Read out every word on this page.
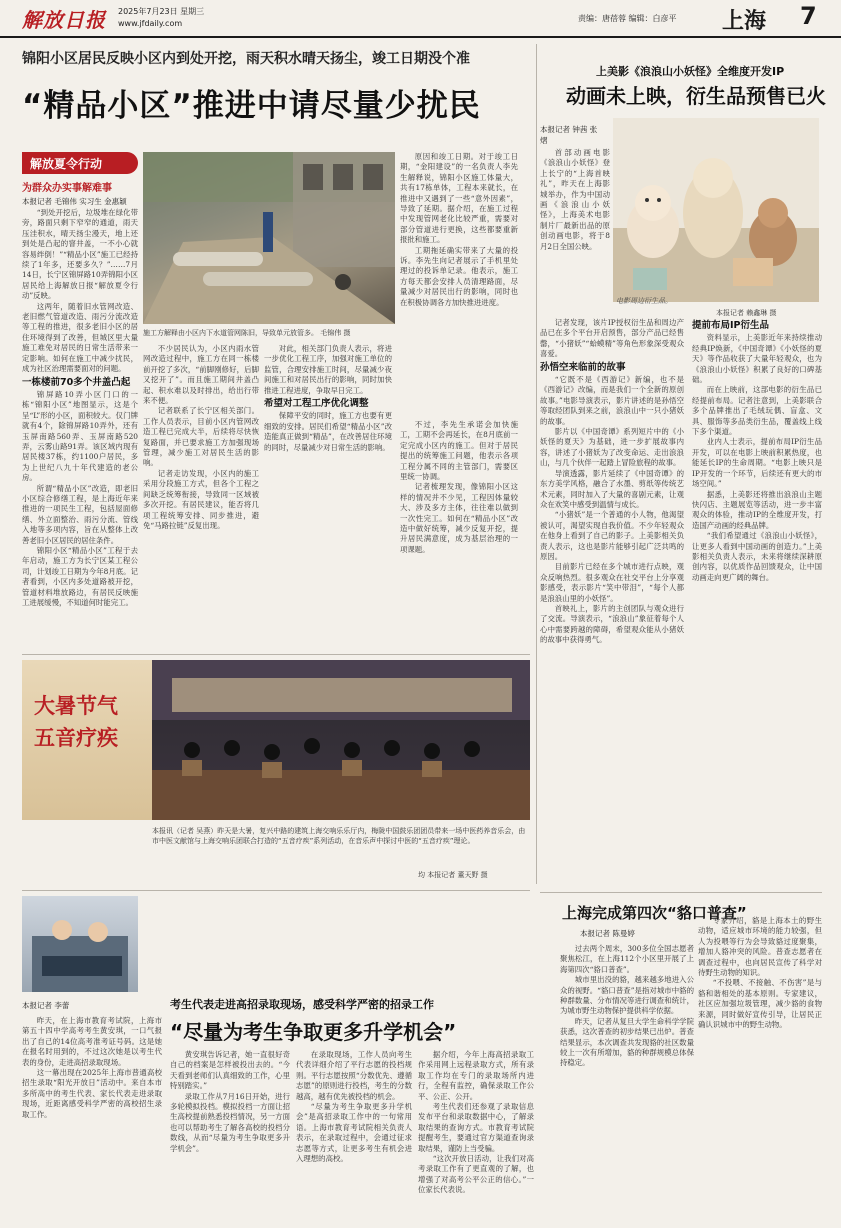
解放日报 2025年7月23日 星期三
www.jfdaily.com
责编：唐蓓蓉 编辑：白彦平 上海 7
锦阳小区居民反映小区内到处开挖，雨天积水晴天扬尘，竣工日期没个准
“精品小区”推进中请尽量少扰民
解放夏令行动
为群众办实事解难事
本报记者 毛锦伟 实习生 金惠颖

“到处开挖后，垃圾堆在绿化带旁，路面只剩下窄窄的通道，雨天压洼积水，晴天扬尘漫天，地上还到处是凸起的窨井盖，一不小心就容易绊倒！”“精品小区”施工已经持续了1年多，还要多久？”……7月14日，长宁区锦屏路10弄锦阳小区居民给上海解放日报“解放夏令行动”反映。

这两年，随着旧水管网改造、老旧燃气管道改造、雨污分流改造等工程的推进，很多老旧小区的居住环境得到了改善，但城区里大量施工难免对居民的日常生活带来一定影响。如何在施工中减少扰民，成为社区治理需要面对的问题。

一栋楼前70多个井盖凸起

锦屏路10弄小区门口的一栋“锦阳小区”地图显示，这是个呈“L”形的小区，面积较大。仅门牌就有4个，除锦屏路10弄外，还有玉屏南路560弄、玉屏南路520弄，云雾山路91弄。该区域内现有居民楼37栋，约1100户居民，多为上世纪八九十年代建造的老公房。

所谓“精品小区”改造，即老旧小区综合修缮工程，是上海近年来推进的一项民生工程，包括屋面修缮、外立面整治、雨污分流、管线入地等多项内容，旨在从整体上改善老旧小区居民的居住条件。

锦阳小区“精品小区”工程于去年启动，施工方为长宁区某工程公司，计划竣工日期为今年8月底。记者看到，小区内多处道路被开挖，管道材料堆放路边，有居民反映施工进展缓慢，不知道何时能完工。

施工方解释由小区内下水道管网陈旧，导致单元放管多。 毛锦伟 摄

不少居民认为，小区内雨水管网改造过程中，施工方在同一栋楼前开挖了多次，“前脚刚修好，后脚又挖开了”。而且施工期间井盖凸起、积水难以及时排出，给出行带来不便。

记者联系了长宁区相关部门。工作人员表示，目前小区内管网改造工程已完成大半，后续将尽快恢复路面，并已要求施工方加强现场管理，减少施工对居民生活的影响。

记者走访发现，小区内的施工采用分段施工方式，但各个工程之间缺乏统筹衔接，导致同一区域被多次开挖。有居民建议，能否将几项工程统筹安排、同步推进，避免“马路拉链”反复出现。

对此，相关部门负责人表示，将进一步优化工程工序，加强对施工单位的监管，合理安排施工时间，尽量减少夜间施工和对居民出行的影响，同时加快推进工程进度，争取早日完工。

希望对工程工序优化调整

保障平安的同时，施工方也要有更细致的安排。居民们希望“精品小区”改造能真正做到“精品”，在改善居住环境的同时，尽量减少对日常生活的影响。

原因和竣工日期。对于竣工日期，“金阳建设”的一名负责人李先生解释说，锦阳小区施工体量大，共有17栋单体，工程本来就长，在推进中又遇到了一些“意外因素”，导致了延期。据介绍，在施工过程中发现管网老化比较严重，需要对部分管道进行更换，这些都要重新报批和施工。

工期拖延确实带来了大量的投诉。李先生向记者展示了手机里处理过的投诉单记录。他表示，施工方每天都会安排人员清理路面，尽量减少对居民出行的影响，同时也在积极协调各方加快推进进度。

上美影《浪浪山小妖怪》全维度开发IP
动画未上映，衍生品预售已火
本报记者 钟茜 张熠

首部动画电影《浪浪山小妖怪》登上长宁的“上海首映礼”，昨天在上海影城举办，作为中国动画《浪浪山小妖怪》，上海美术电影制片厂最新出品的原创动画电影，将于8月2日全国公映。

电影周边衍生品。
本报记者 赖鑫琳 摄

记者发现，该片IP授权衍生品和周边产品已在多个平台开启预售，部分产品已经售罄，“小猪妖”“蛤蟆精”等角色形象深受观众喜爱。

孙悟空来临前的故事

“它既不是《西游记》新编，也不是《西游记》改编，而是我们一个全新的原创故事。”电影导演表示，影片讲述的是孙悟空等取经团队到来之前，浪浪山中一只小猪妖的故事。

影片以《中国奇谭》系列短片中的《小妖怪的夏天》为基础，进一步扩展故事内容，讲述了小猪妖为了改变命运、走出浪浪山，与几个伙伴一起踏上冒险旅程的故事。

导演透露，影片延续了《中国奇谭》的东方美学风格，融合了水墨、剪纸等传统艺术元素，同时加入了大量的喜剧元素，让观众在欢笑中感受到温情与成长。

“小猪妖”是一个普通的小人物，他渴望被认可，渴望实现自我价值。不少年轻观众在他身上看到了自己的影子。上美影相关负责人表示，这也是影片能够引起广泛共鸣的原因。

目前影片已经在多个城市进行点映，观众反响热烈。很多观众在社交平台上分享观影感受，表示影片“笑中带泪”，“每个人都是浪浪山里的小妖怪”。

首映礼上，影片的主创团队与观众进行了交流。导演表示，“浪浪山”象征着每个人心中需要跨越的障碍，希望观众能从小猪妖的故事中获得勇气。

提前布局IP衍生品

资料显示，上美影近年来持续推动经典IP焕新，《中国奇谭》《小妖怪的夏天》等作品收获了大量年轻观众，也为《浪浪山小妖怪》积累了良好的口碑基础。

而在上映前，这部电影的衍生品已经提前布局。记者注意到，上美影联合多个品牌推出了毛绒玩偶、盲盒、文具、服饰等多品类衍生品，覆盖线上线下多个渠道。

业内人士表示，提前布局IP衍生品开发，可以在电影上映前积累热度，也能延长IP的生命周期。“电影上映只是IP开发的一个环节，后续还有更大的市场空间。”

据悉，上美影还将推出浪浪山主题快闪店、主题展览等活动，进一步丰富观众的体验，推动IP的全维度开发，打造国产动画的经典品牌。

“我们希望通过《浪浪山小妖怪》，让更多人看到中国动画的创造力。”上美影相关负责人表示，未来将继续深耕原创内容，以优质作品回馈观众，让中国动画走向更广阔的舞台。

大暑节气
五音疗疾
本报讯（记者 吴燕）昨天是大暑，复兴中路的建筑上海交响乐乐厅内，梅陇中国鼓乐团团员带来一场中医药养音乐会，由市中医文献馆与上海交响乐团联合打造的“五音疗疾”系列活动，在音乐声中探讨中医的“五音疗疾”理论。
均 本报记者 董天野 摄
上海完成第四次“貉口普查”
本报记者 陈曼婷

过去两个周末，300多位全国志愿者聚焦松江，在上海112个小区里开展了上海第四次“貉口普查”。

城市里出没的貉，越来越多地进入公众的视野。“貉口普查”是指对城市中貉的种群数量、分布情况等进行调查和统计，为城市野生动物保护提供科学依据。

昨天，记者从复旦大学生命科学学院获悉，这次普查的初步结果已出炉。普查结果显示，本次调查共发现貉的社区数量较上一次有所增加，貉的种群规模总体保持稳定。

专家介绍，貉是上海本土的野生动物，适应城市环境的能力较强，但人为投喂等行为会导致貉过度聚集，增加人貉冲突的风险。普查志愿者在调查过程中，也向居民宣传了科学对待野生动物的知识。

“不投喂、不接触、不伤害”是与貉和谐相处的基本原则。专家建议，社区应加强垃圾管理，减少貉的食物来源，同时做好宣传引导，让居民正确认识城市中的野生动物。

考生代表走进高招录取现场，感受科学严密的招录工作
“尽量为考生争取更多升学机会”
本报记者 李蕾

昨天，在上海市教育考试院，上海市第五十四中学高考考生黄安琪，一口气报出了自己的14位高考准考证号码。这是她在报名时用到的，不过这次她是以考生代表的身份，走进高招录取现场。

这一幕出现在2025年上海市普通高校招生录取“阳光开放日”活动中。来自本市多所高中的考生代表、家长代表走进录取现场，近距离感受科学严密的高校招生录取工作。

黄安琪告诉记者，她一直很好奇自己的档案是怎样被投出去的。“今天看到老师们认真细致的工作，心里特别踏实。”

录取工作从7月16日开始，进行多轮模拟投档。模拟投档一方面让招生高校提前熟悉投档情况，另一方面也可以帮助考生了解各高校的投档分数线，从而“尽量为考生争取更多升学机会”。

在录取现场，工作人员向考生代表详细介绍了平行志愿的投档规则。平行志愿按照“分数优先、遵循志愿”的原则进行投档，考生的分数越高，越有优先被投档的机会。

“尽量为考生争取更多升学机会”是高招录取工作中的一句常用语。上海市教育考试院相关负责人表示，在录取过程中，会通过征求志愿等方式，让更多考生有机会进入理想的高校。

据介绍，今年上海高招录取工作采用网上远程录取方式，所有录取工作均在专门的录取场所内进行，全程有监控，确保录取工作公平、公正、公开。

考生代表们还参观了录取信息发布平台和录取数据中心，了解录取结果的查询方式。市教育考试院提醒考生，要通过官方渠道查询录取结果，谨防上当受骗。

“这次开放日活动，让我们对高考录取工作有了更直观的了解，也增强了对高考公平公正的信心。”一位家长代表说。

不过，李先生承诺会加快施工，工期不会再延长，在8月底前一定完成小区内的施工。但对于居民提出的统筹施工问题，他表示各项工程分属不同的主管部门，需要区里统一协调。

记者梳理发现，像锦阳小区这样的情况并不少见，工程因体量较大、涉及多方主体，往往难以做到一次性完工。如何在“精品小区”改造中做好统筹，减少反复开挖，提升居民满意度，成为基层治理的一项课题。
